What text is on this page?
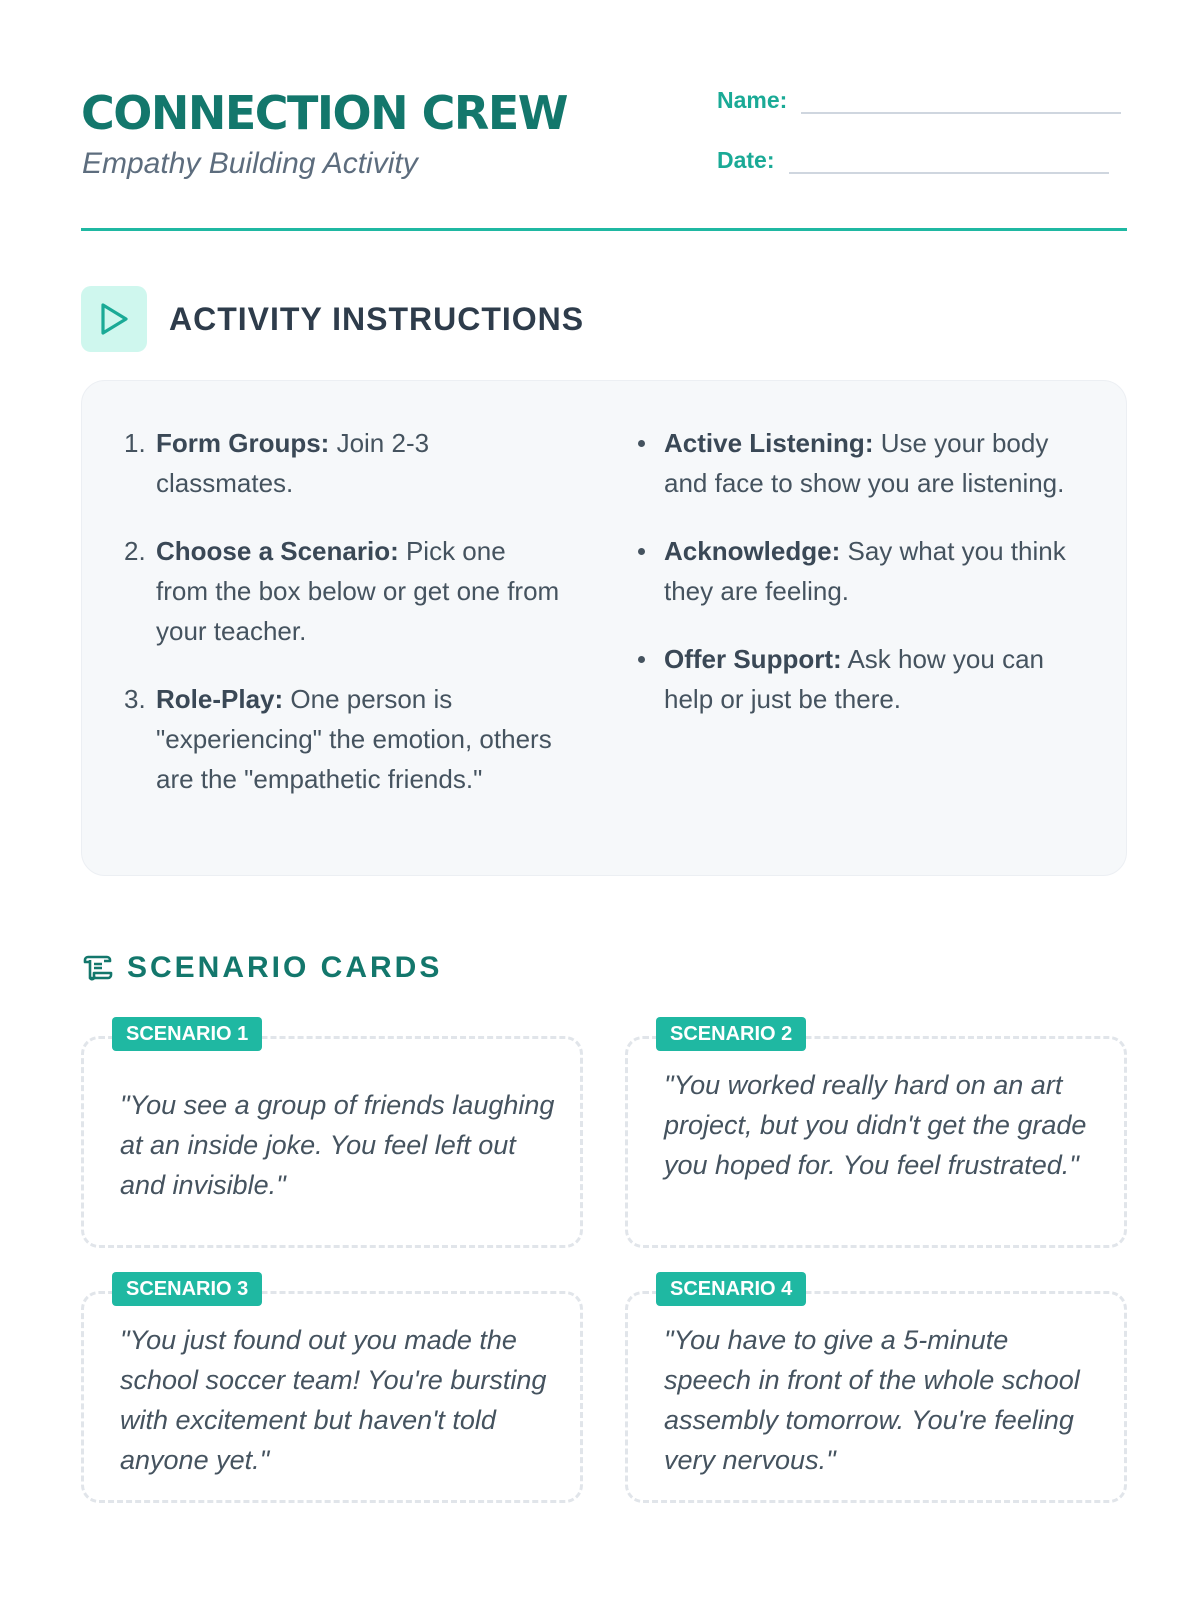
CONNECTION CREW
Empathy Building Activity
Name:
Date:
ACTIVITY INSTRUCTIONS
1. Form Groups: Join 2-3 classmates.
2. Choose a Scenario: Pick one from the box below or get one from your teacher.
3. Role-Play: One person is "experiencing" the emotion, others are the "empathetic friends."
Active Listening: Use your body and face to show you are listening.
Acknowledge: Say what you think they are feeling.
Offer Support: Ask how you can help or just be there.
SCENARIO CARDS
SCENARIO 1
"You see a group of friends laughing at an inside joke. You feel left out and invisible."
SCENARIO 2
"You worked really hard on an art project, but you didn't get the grade you hoped for. You feel frustrated."
SCENARIO 3
"You just found out you made the school soccer team! You're bursting with excitement but haven't told anyone yet."
SCENARIO 4
"You have to give a 5-minute speech in front of the whole school assembly tomorrow. You're feeling very nervous."
